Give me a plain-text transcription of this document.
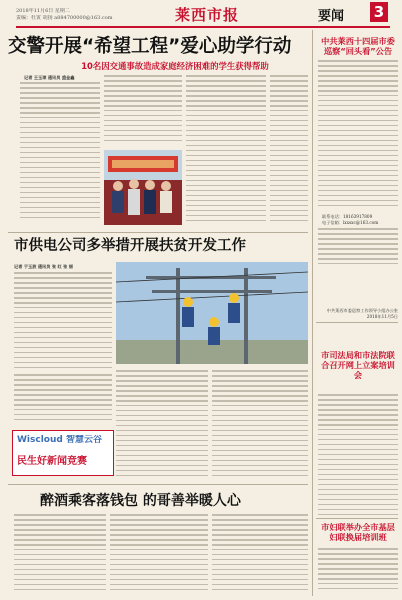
2018年11月6日 星期二
责编：杜寅 胡扬 a884700000@163.com	莱西市报	要闻 3
交警开展“希望工程”爱心助学行动
10名因交通事故造成家庭经济困难的学生获得帮助
记者 王玉琼 通讯员 盛金鑫
市供电公司多举措开展扶贫开发工作
记者 于玉波 通讯员 张 红 张 丽
Wiscloud 智慧云谷
民生好新闻竞赛
醉酒乘客落钱包 的哥善举暖人心
中共莱西十四届市委巡察“回头看”公告
联系电话：18163917809
电子信箱：lxxsxc@163.com
中共莱西市委巡察工作领导小组办公室
2018年11月5日
市司法局和市法院联合召开网上立案培训会
市妇联举办全市基层妇联换届培训班
